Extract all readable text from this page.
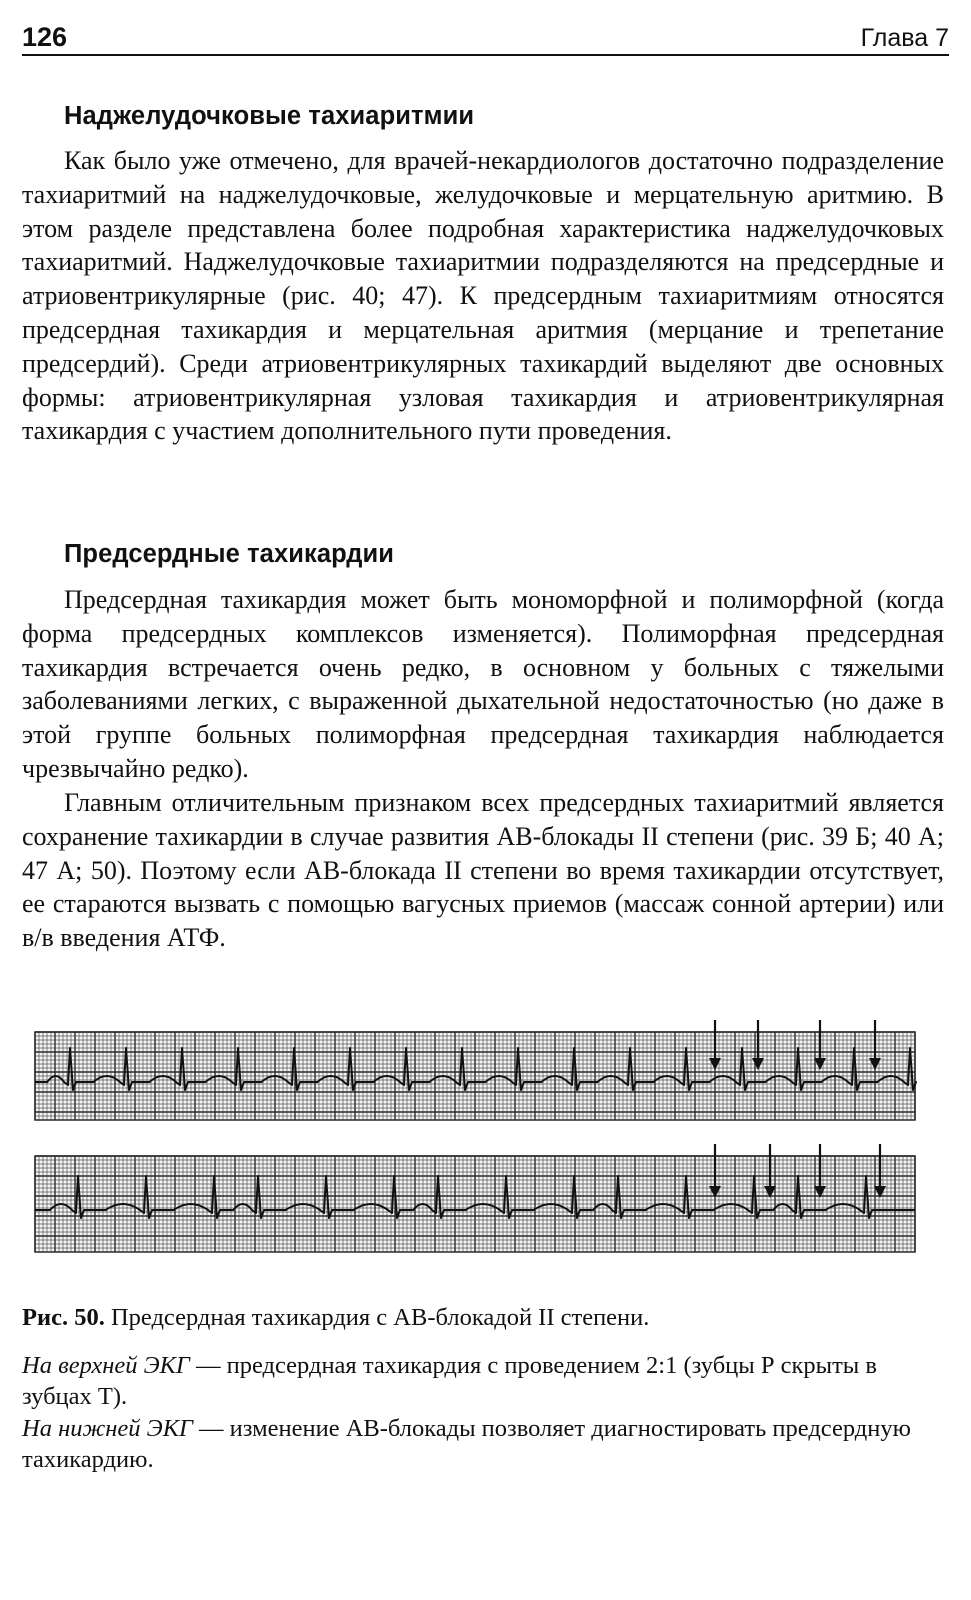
126	Глава 7
Наджелудочковые тахиаритмии

Как было уже отмечено, для врачей-некардиологов достаточно подразделение тахиаритмий на наджелудочковые, желудочковые и мерцательную аритмию. В этом разделе представлена более подробная характеристика наджелудочковых тахиаритмий. Наджелудочковые тахиаритмии подразделяются на предсердные и атриовентрикулярные (рис. 40; 47). К предсердным тахиаритмиям относятся предсердная тахикардия и мерцательная аритмия (мерцание и трепетание предсердий). Среди атриовентрикулярных тахикардий выделяют две основных формы: атриовентрикулярная узловая тахикардия и атриовентрикулярная тахикардия с участием дополнительного пути проведения.

Предсердные тахикардии

Предсердная тахикардия может быть мономорфной и полиморфной (когда форма предсердных комплексов изменяется). Полиморфная предсердная тахикардия встречается очень редко, в основном у больных с тяжелыми заболеваниями легких, с выраженной дыхательной недостаточностью (но даже в этой группе больных полиморфная предсердная тахикардия наблюдается чрезвычайно редко).

Главным отличительным признаком всех предсердных тахиаритмий является сохранение тахикардии в случае развития АВ-блокады II степени (рис. 39 Б; 40 А; 47 А; 50). Поэтому если АВ-блокада II степени во время тахикардии отсутствует, ее стараются вызвать с помощью вагусных приемов (массаж сонной артерии) или в/в введения АТФ.

Рис. 50. Предсердная тахикардия с АВ-блокадой II степени.

На верхней ЭКГ — предсердная тахикардия с проведением 2:1 (зубцы Р скрыты в зубцах Т).

На нижней ЭКГ — изменение АВ-блокады позволяет диагностировать предсердную тахикардию.
